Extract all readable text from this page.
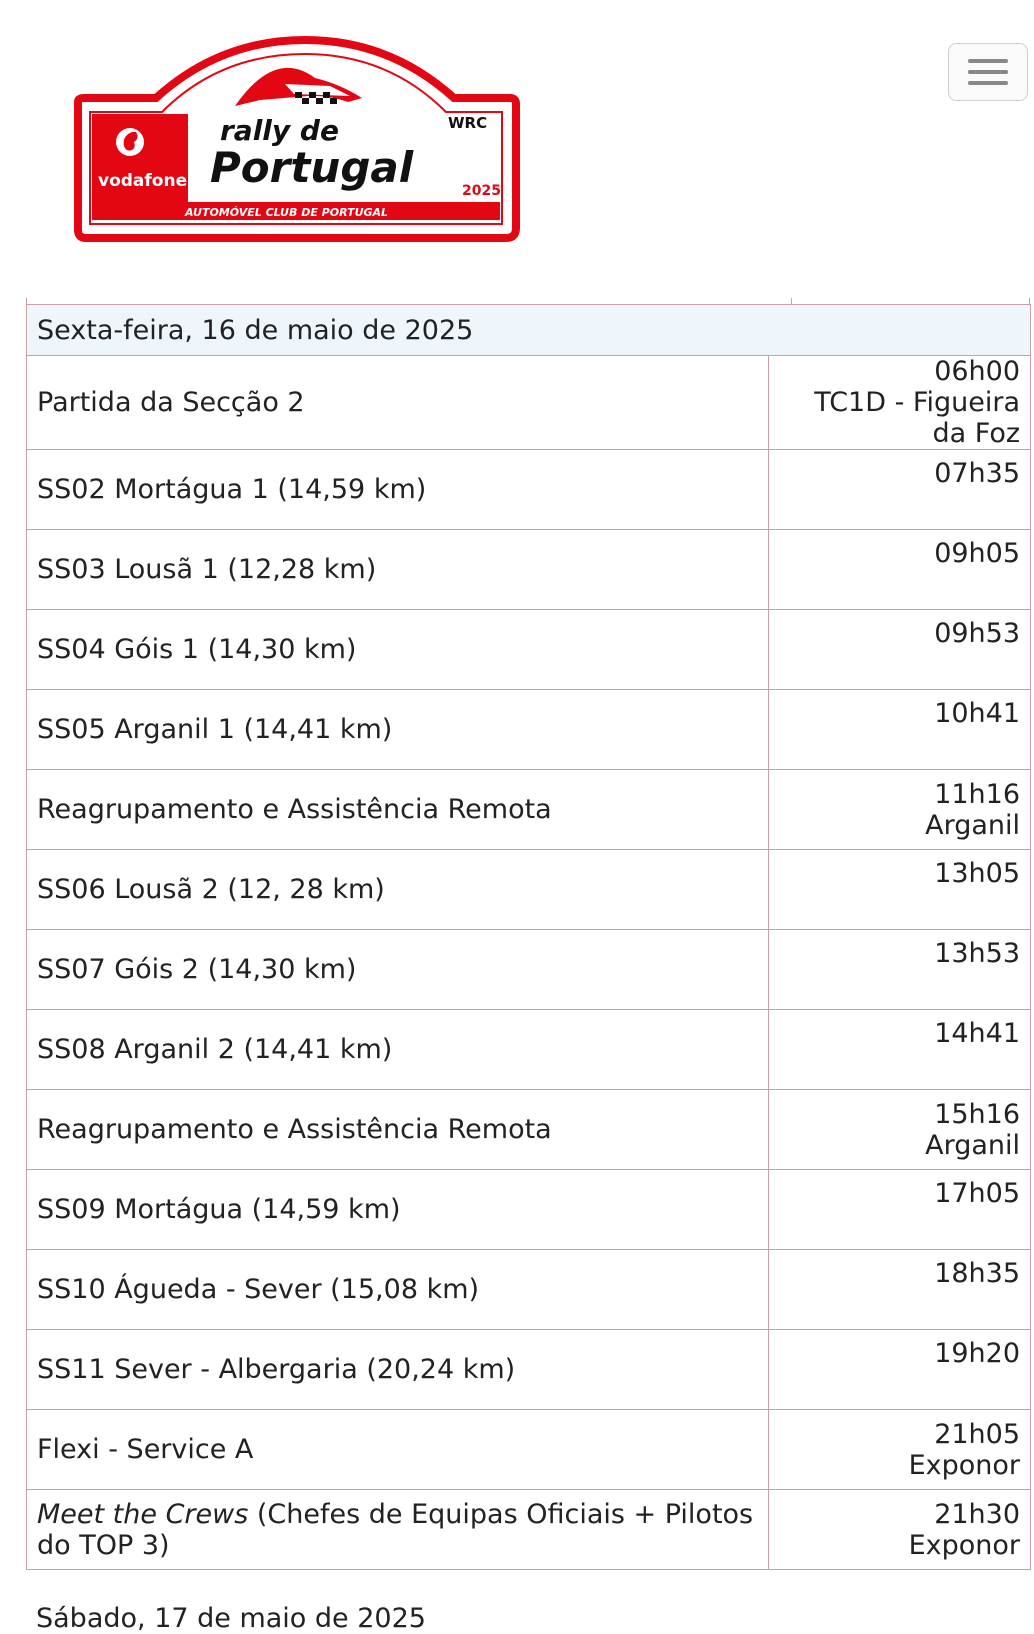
vodafone
rally de
Portugal	2025
WRC
AUTOMÓVEL CLUB DE PORTUGAL
Sexta-feira, 16 de maio de 2025	
Partida da Secção 2	06h00
TC1D - Figueira da Foz

SS02 Mortágua 1 (14,59 km)	07h35

SS03 Lousã 1 (12,28 km)	09h05

SS04 Góis 1 (14,30 km)	09h53

SS05 Arganil 1 (14,41 km)	10h41

Reagrupamento e Assistência Remota	11h16
Arganil

SS06 Lousã 2 (12, 28 km)	13h05

SS07 Góis 2 (14,30 km)	13h53

SS08 Arganil 2 (14,41 km)	14h41

Reagrupamento e Assistência Remota	15h16
Arganil

SS09 Mortágua (14,59 km)	17h05

SS10 Águeda - Sever (15,08 km)	18h35

SS11 Sever - Albergaria (20,24 km)	19h20

Flexi - Service A	21h05
Exponor

Meet the Crews (Chefes de Equipas Oficiais + Pilotos do TOP 3)	21h30
Exponor
Sábado, 17 de maio de 2025
